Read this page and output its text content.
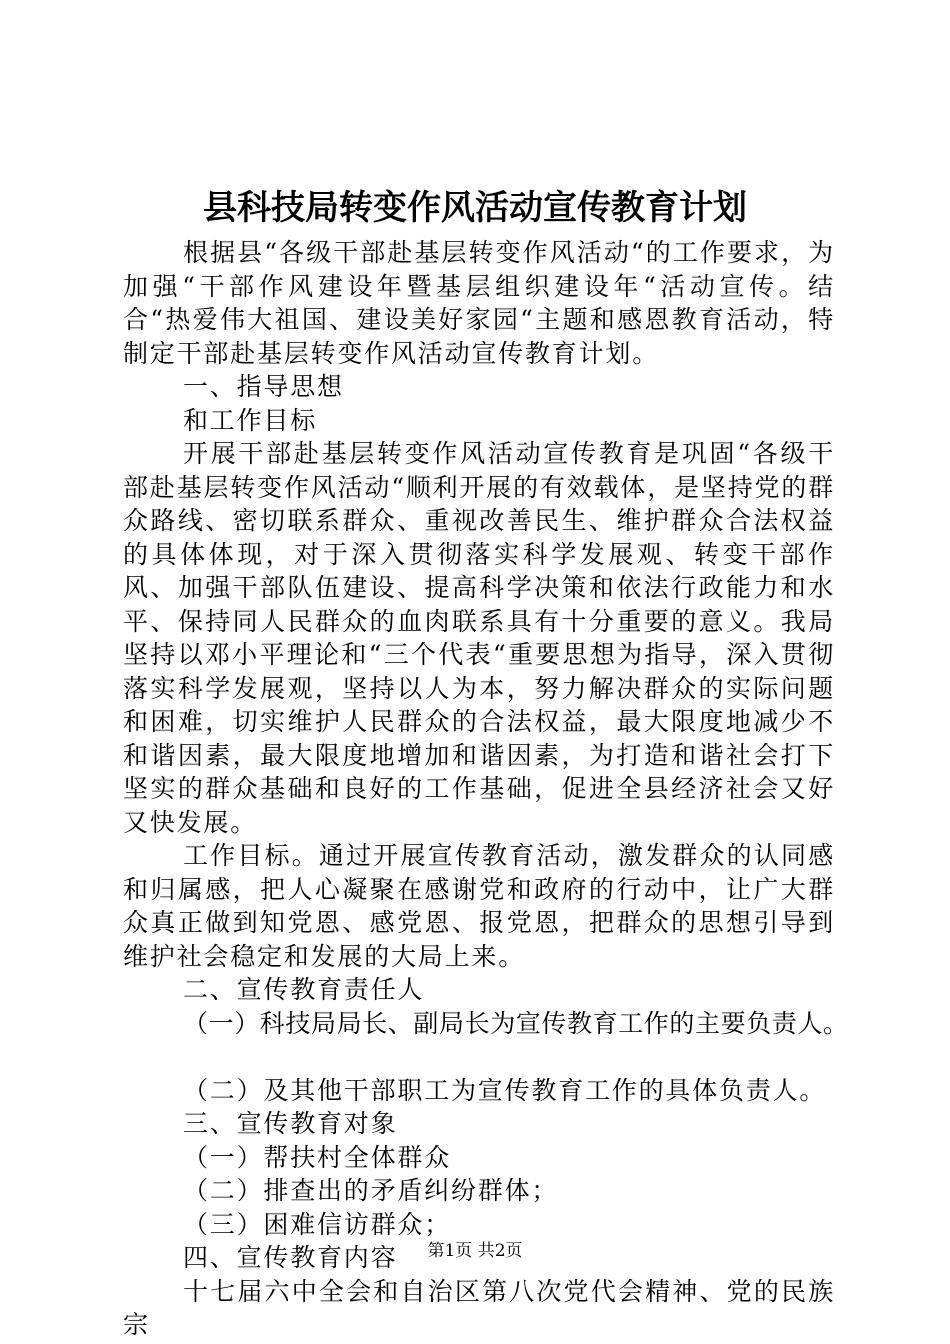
县科技局转变作风活动宣传教育计划

根据县“各级干部赴基层转变作风活动“的工作要求，为加强“干部作风建设年暨基层组织建设年“活动宣传。结合“热爱伟大祖国、建设美好家园“主题和感恩教育活动，特制定干部赴基层转变作风活动宣传教育计划。

一、指导思想

和工作目标

开展干部赴基层转变作风活动宣传教育是巩固“各级干部赴基层转变作风活动“顺利开展的有效载体，是坚持党的群众路线、密切联系群众、重视改善民生、维护群众合法权益的具体体现，对于深入贯彻落实科学发展观、转变干部作风、加强干部队伍建设、提高科学决策和依法行政能力和水平、保持同人民群众的血肉联系具有十分重要的意义。我局坚持以邓小平理论和“三个代表“重要思想为指导，深入贯彻落实科学发展观，坚持以人为本，努力解决群众的实际问题和困难，切实维护人民群众的合法权益，最大限度地减少不和谐因素，最大限度地增加和谐因素，为打造和谐社会打下坚实的群众基础和良好的工作基础，促进全县经济社会又好又快发展。

工作目标。通过开展宣传教育活动，激发群众的认同感和归属感，把人心凝聚在感谢党和政府的行动中，让广大群众真正做到知党恩、感党恩、报党恩，把群众的思想引导到维护社会稳定和发展的大局上来。

二、宣传教育责任人

（一）科技局局长、副局长为宣传教育工作的主要负责人。

（二）及其他干部职工为宣传教育工作的具体负责人。

三、宣传教育对象

（一）帮扶村全体群众

（二）排查出的矛盾纠纷群体；

（三）困难信访群众；

四、宣传教育内容

十七届六中全会和自治区第八次党代会精神、党的民族宗

第1页 共2页
